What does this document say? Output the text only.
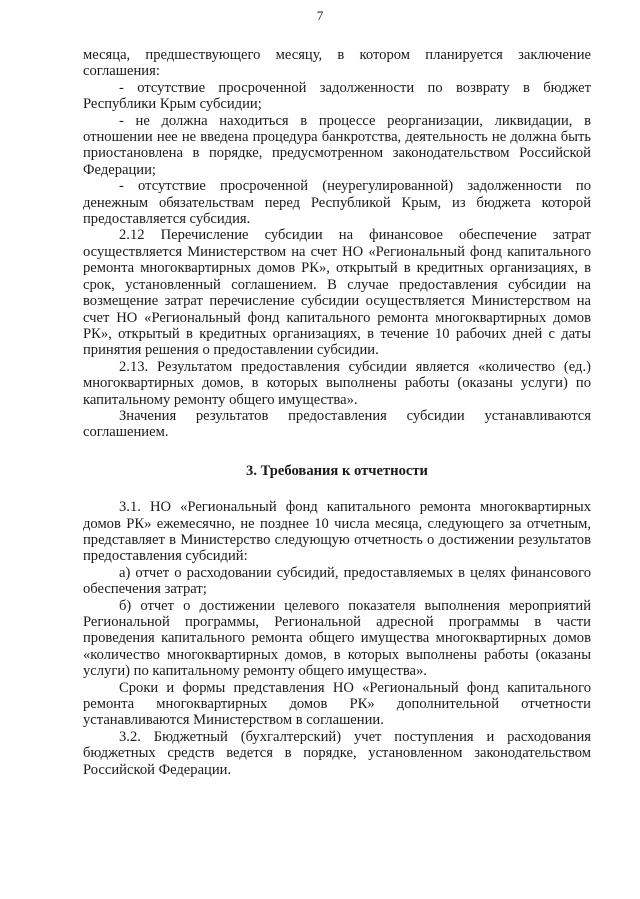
7

месяца, предшествующего месяцу, в котором планируется заключение соглашения:

- отсутствие просроченной задолженности по возврату в бюджет Республики Крым субсидии;

- не должна находиться в процессе реорганизации, ликвидации, в отношении нее не введена процедура банкротства, деятельность не должна быть приостановлена в порядке, предусмотренном законодательством Российской Федерации;

- отсутствие просроченной (неурегулированной) задолженности по денежным обязательствам перед Республикой Крым, из бюджета которой предоставляется субсидия.

2.12 Перечисление субсидии на финансовое обеспечение затрат осуществляется Министерством на счет НО «Региональный фонд капитального ремонта многоквартирных домов РК», открытый в кредитных организациях, в срок, установленный соглашением. В случае предоставления субсидии на возмещение затрат перечисление субсидии осуществляется Министерством на счет НО «Региональный фонд капитального ремонта многоквартирных домов РК», открытый в кредитных организациях, в течение 10 рабочих дней с даты принятия решения о предоставлении субсидии.

2.13. Результатом предоставления субсидии является «количество (ед.) многоквартирных домов, в которых выполнены работы (оказаны услуги) по капитальному ремонту общего имущества».

Значения результатов предоставления субсидии устанавливаются соглашением.

3. Требования к отчетности

3.1. НО «Региональный фонд капитального ремонта многоквартирных домов РК» ежемесячно, не позднее 10 числа месяца, следующего за отчетным, представляет в Министерство следующую отчетность о достижении результатов предоставления субсидий:

а) отчет о расходовании субсидий, предоставляемых в целях финансового обеспечения затрат;

б) отчет о достижении целевого показателя выполнения мероприятий Региональной программы, Региональной адресной программы в части проведения капитального ремонта общего имущества многоквартирных домов «количество многоквартирных домов, в которых выполнены работы (оказаны услуги) по капитальному ремонту общего имущества».

Сроки и формы представления НО «Региональный фонд капитального ремонта многоквартирных домов РК» дополнительной отчетности устанавливаются Министерством в соглашении.

3.2. Бюджетный (бухгалтерский) учет поступления и расходования бюджетных средств ведется в порядке, установленном законодательством Российской Федерации.
